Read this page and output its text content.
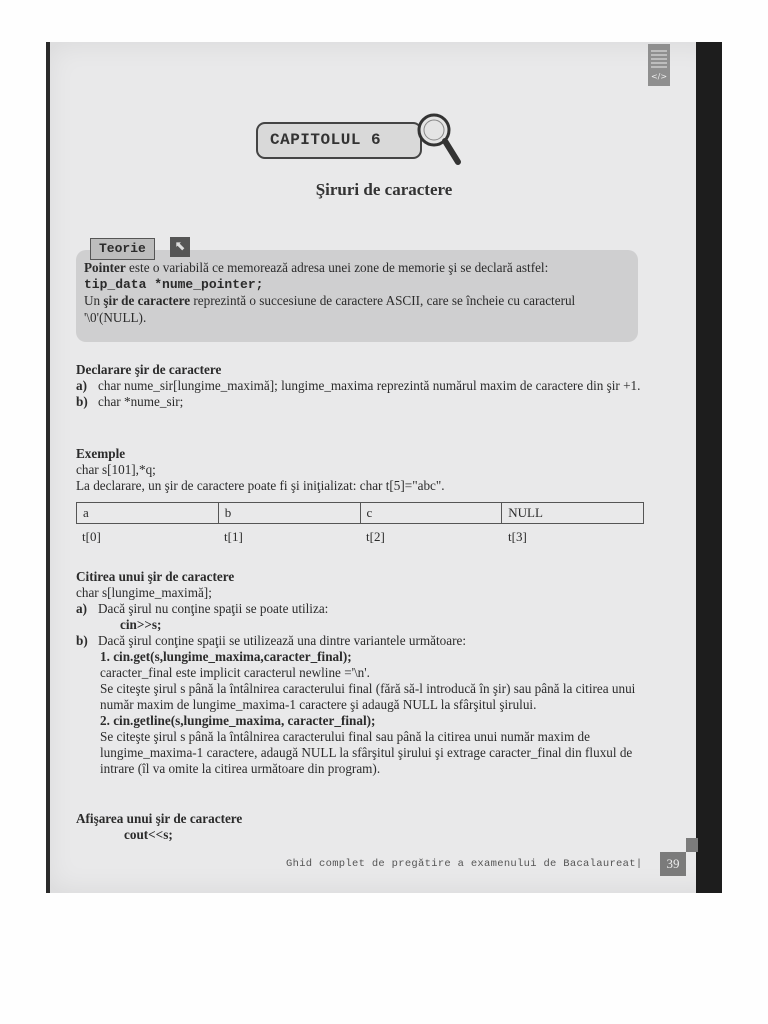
</>
CAPITOLUL 6
Şiruri de caractere
Teorie	⬉
Pointer este o variabilă ce memorează adresa unei zone de memorie şi se declară astfel:
tip_data *nume_pointer;
Un şir de caractere reprezintă o succesiune de caractere ASCII, care se încheie cu caracterul
'\0'(NULL).
Declarare şir de caractere
a) char nume_sir[lungime_maximă]; lungime_maxima reprezintă numărul maxim de caractere din şir +1.
b) char *nume_sir;
Exemple
char s[101],*q;
La declarare, un şir de caractere poate fi şi iniţializat: char t[5]="abc".
a	b	c	NULL
t[0]	t[1]	t[2]	t[3]
Citirea unui şir de caractere
char s[lungime_maximă];
a) Dacă şirul nu conţine spaţii se poate utiliza:
cin>>s;
b) Dacă şirul conţine spaţii se utilizează una dintre variantele următoare:
1. cin.get(s,lungime_maxima,caracter_final);
caracter_final este implicit caracterul newline ='\n'.
Se citeşte şirul s până la întâlnirea caracterului final (fără să-l introducă în şir) sau până la citirea unui număr maxim de lungime_maxima-1 caractere şi adaugă NULL la sfârşitul şirului.
2. cin.getline(s,lungime_maxima, caracter_final);
Se citeşte şirul s până la întâlnirea caracterului final sau până la citirea unui număr maxim de lungime_maxima-1 caractere, adaugă NULL la sfârşitul şirului şi extrage caracter_final din fluxul de intrare (îl va omite la citirea următoare din program).
Afişarea unui şir de caractere
cout<<s;
Ghid complet de pregătire a examenului de Bacalaureat|	39
